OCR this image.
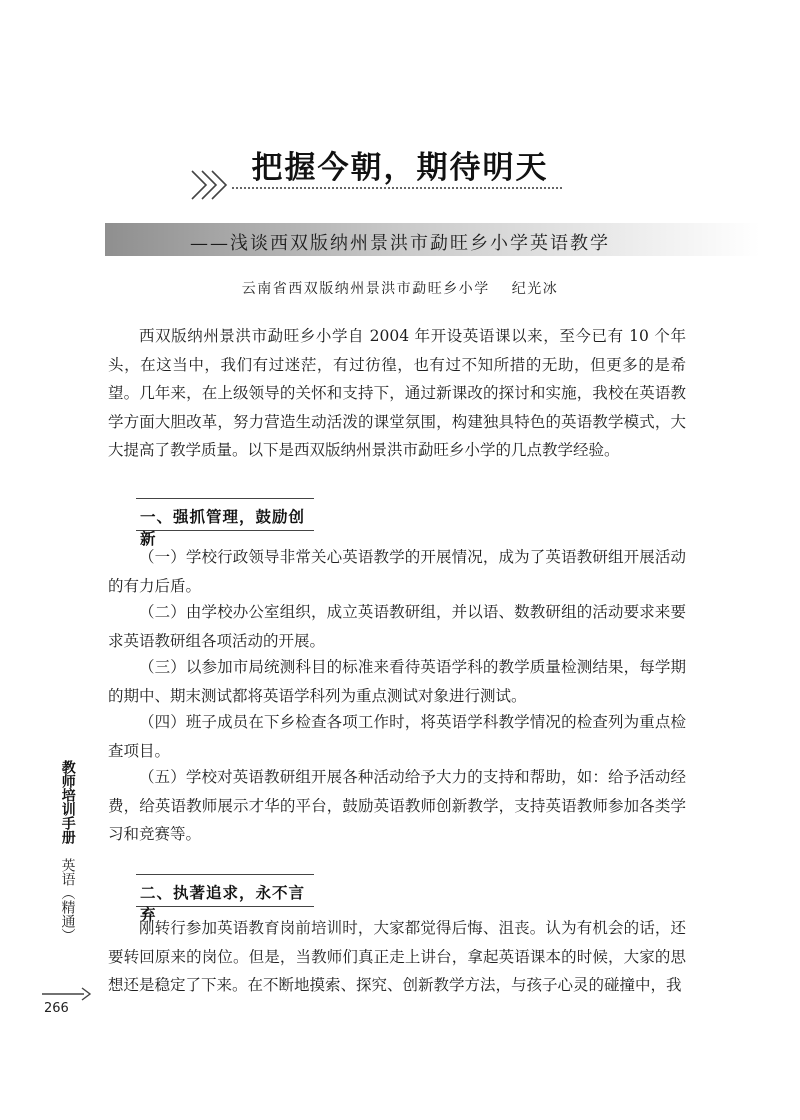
把握今朝，期待明天
——浅谈西双版纳州景洪市勐旺乡小学英语教学
云南省西双版纳州景洪市勐旺乡小学 纪光冰

西双版纳州景洪市勐旺乡小学自 2004 年开设英语课以来，至今已有 10 个年头，在这当中，我们有过迷茫，有过彷徨，也有过不知所措的无助，但更多的是希望。几年来，在上级领导的关怀和支持下，通过新课改的探讨和实施，我校在英语教学方面大胆改革，努力营造生动活泼的课堂氛围，构建独具特色的英语教学模式，大大提高了教学质量。以下是西双版纳州景洪市勐旺乡小学的几点教学经验。

一、强抓管理，鼓励创新

（一）学校行政领导非常关心英语教学的开展情况，成为了英语教研组开展活动的有力后盾。

（二）由学校办公室组织，成立英语教研组，并以语、数教研组的活动要求来要求英语教研组各项活动的开展。

（三）以参加市局统测科目的标准来看待英语学科的教学质量检测结果，每学期的期中、期末测试都将英语学科列为重点测试对象进行测试。

（四）班子成员在下乡检查各项工作时，将英语学科教学情况的检查列为重点检查项目。

（五）学校对英语教研组开展各种活动给予大力的支持和帮助，如：给予活动经费，给英语教师展示才华的平台，鼓励英语教师创新教学，支持英语教师参加各类学习和竞赛等。

二、执著追求，永不言弃

刚转行参加英语教育岗前培训时，大家都觉得后悔、沮丧。认为有机会的话，还要转回原来的岗位。但是，当教师们真正走上讲台，拿起英语课本的时候，大家的思想还是稳定了下来。在不断地摸索、探究、创新教学方法，与孩子心灵的碰撞中，我

教师培训手册
英语（精通）
266
